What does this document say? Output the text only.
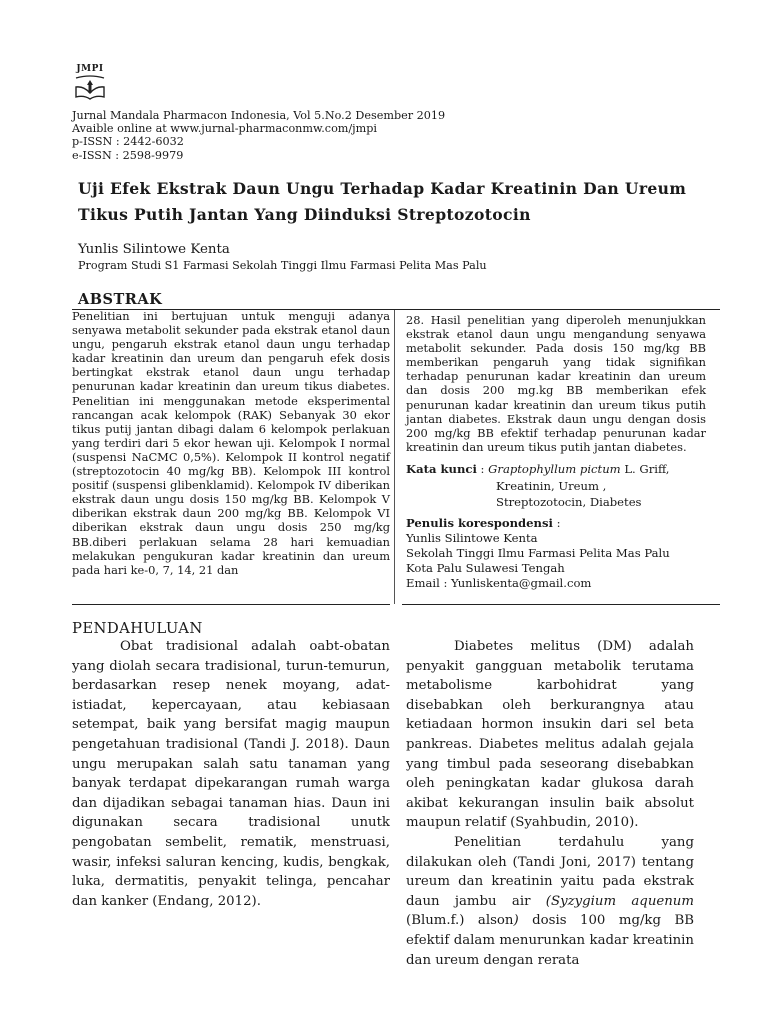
JMPI
Jurnal Mandala Pharmacon Indonesia, Vol 5.No.2 Desember 2019
Avaible online at www.jurnal-pharmaconmw.com/jmpi
p-ISSN : 2442-6032
e-ISSN : 2598-9979
Uji Efek Ekstrak Daun Ungu Terhadap Kadar Kreatinin Dan Ureum
Tikus Putih Jantan Yang Diinduksi Streptozotocin
Yunlis Silintowe Kenta
Program Studi S1 Farmasi Sekolah Tinggi Ilmu Farmasi Pelita Mas Palu
ABSTRAK
Penelitian ini bertujuan untuk menguji adanya senyawa metabolit sekunder pada ekstrak etanol daun ungu, pengaruh ekstrak etanol daun ungu terhadap kadar kreatinin dan ureum dan pengaruh efek dosis bertingkat ekstrak etanol daun ungu terhadap penurunan kadar kreatinin dan ureum tikus diabetes. Penelitian ini menggunakan metode eksperimental rancangan acak kelompok (RAK) Sebanyak 30 ekor tikus putij jantan dibagi dalam 6 kelompok perlakuan yang terdiri dari 5 ekor hewan uji. Kelompok I normal (suspensi NaCMC 0,5%). Kelompok II kontrol negatif (streptozotocin 40 mg/kg BB). Kelompok III kontrol positif (suspensi glibenklamid). Kelompok IV diberikan ekstrak daun ungu dosis 150 mg/kg BB. Kelompok V diberikan ekstrak daun 200 mg/kg BB. Kelompok VI diberikan ekstrak daun ungu dosis 250 mg/kg BB.diberi perlakuan selama 28 hari kemuadian melakukan pengukuran kadar kreatinin dan ureum pada hari ke-0, 7, 14, 21 dan
28. Hasil penelitian yang diperoleh menunjukkan ekstrak etanol daun ungu mengandung senyawa metabolit sekunder. Pada dosis 150 mg/kg BB memberikan pengaruh yang tidak signifikan terhadap penurunan kadar kreatinin dan ureum dan dosis 200 mg.kg BB memberikan efek penurunan kadar kreatinin dan ureum tikus putih jantan diabetes. Ekstrak daun ungu dengan dosis 200 mg/kg BB efektif terhadap penurunan kadar kreatinin dan ureum tikus putih jantan diabetes.
Kata kunci : Graptophyllum pictum L. Griff,
Kreatinin, Ureum ,
Streptozotocin, Diabetes
Penulis korespondensi :
Yunlis Silintowe Kenta
Sekolah Tinggi Ilmu Farmasi Pelita Mas Palu
Kota Palu Sulawesi Tengah
Email : Yunliskenta@gmail.com
PENDAHULUAN

Obat tradisional adalah oabt-obatan yang diolah secara tradisional, turun-temurun, berdasarkan resep nenek moyang, adat-istiadat, kepercayaan, atau kebiasaan setempat, baik yang bersifat magig maupun pengetahuan tradisional (Tandi J. 2018). Daun ungu merupakan salah satu tanaman yang banyak terdapat dipekarangan rumah warga dan dijadikan sebagai tanaman hias. Daun ini digunakan secara tradisional unutk pengobatan sembelit, rematik, menstruasi, wasir, infeksi saluran kencing, kudis, bengkak, luka, dermatitis, penyakit telinga, pencahar dan kanker (Endang, 2012).

Diabetes melitus (DM) adalah penyakit gangguan metabolik terutama metabolisme karbohidrat yang disebabkan oleh berkurangnya atau ketiadaan hormon insukin dari sel beta pankreas. Diabetes melitus adalah gejala yang timbul pada seseorang disebabkan oleh peningkatan kadar glukosa darah akibat kekurangan insulin baik absolut maupun relatif (Syahbudin, 2010).

Penelitian terdahulu yang dilakukan oleh (Tandi Joni, 2017) tentang ureum dan kreatinin yaitu pada ekstrak daun jambu air (Syzygium aquenum (Blum.f.) alson) dosis 100 mg/kg BB efektif dalam menurunkan kadar kreatinin dan ureum dengan rerata
